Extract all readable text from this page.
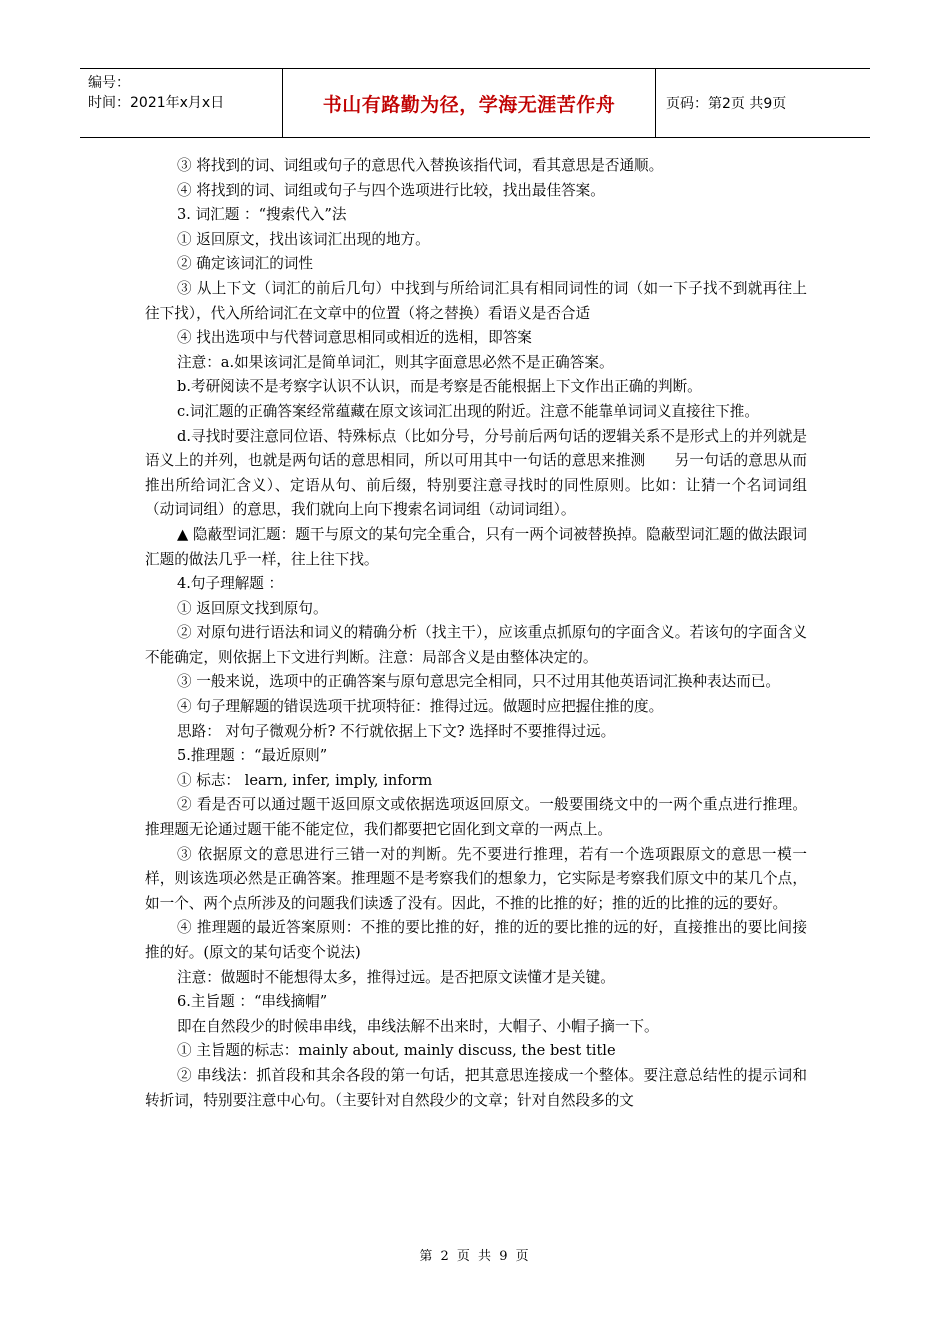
编号：
时间：2021年x月x日	书山有路勤为径，学海无涯苦作舟	页码：第2页 共9页

③ 将找到的词、词组或句子的意思代入替换该指代词，看其意思是否通顺。

④ 将找到的词、词组或句子与四个选项进行比较，找出最佳答案。

3. 词汇题 ：“搜索代入”法

① 返回原文，找出该词汇出现的地方。

② 确定该词汇的词性

③ 从上下文（词汇的前后几句）中找到与所给词汇具有相同词性的词（如一下子找不到就再往上往下找），代入所给词汇在文章中的位置（将之替换）看语义是否合适

④ 找出选项中与代替词意思相同或相近的选相，即答案

注意：a.如果该词汇是简单词汇，则其字面意思必然不是正确答案。

b.考研阅读不是考察字认识不认识，而是考察是否能根据上下文作出正确的判断。

c.词汇题的正确答案经常蕴藏在原文该词汇出现的附近。注意不能靠单词词义直接往下推。

d.寻找时要注意同位语、特殊标点（比如分号，分号前后两句话的逻辑关系不是形式上的并列就是语义上的并列，也就是两句话的意思相同，所以可用其中一句话的意思来推测　　另一句话的意思从而推出所给词汇含义）、定语从句、前后缀，特别要注意寻找时的同性原则。比如：让猜一个名词词组（动词词组）的意思，我们就向上向下搜索名词词组（动词词组）。

▲ 隐蔽型词汇题：题干与原文的某句完全重合，只有一两个词被替换掉。隐蔽型词汇题的做法跟词汇题的做法几乎一样，往上往下找。

4.句子理解题 ：

① 返回原文找到原句。

② 对原句进行语法和词义的精确分析（找主干），应该重点抓原句的字面含义。若该句的字面含义不能确定，则依据上下文进行判断。注意：局部含义是由整体决定的。

③ 一般来说，选项中的正确答案与原句意思完全相同，只不过用其他英语词汇换种表达而已。

④ 句子理解题的错误选项干扰项特征：推得过远。做题时应把握住推的度。

思路： 对句子微观分析? 不行就依据上下文? 选择时不要推得过远。

5.推理题 ：“最近原则”

① 标志： learn, infer, imply, inform

② 看是否可以通过题干返回原文或依据选项返回原文。一般要围绕文中的一两个重点进行推理。推理题无论通过题干能不能定位，我们都要把它固化到文章的一两点上。

③ 依据原文的意思进行三错一对的判断。先不要进行推理，若有一个选项跟原文的意思一模一样，则该选项必然是正确答案。推理题不是考察我们的想象力，它实际是考察我们原文中的某几个点，如一个、两个点所涉及的问题我们读透了没有。因此，不推的比推的好；推的近的比推的远的要好。

④ 推理题的最近答案原则：不推的要比推的好，推的近的要比推的远的好，直接推出的要比间接推的好。(原文的某句话变个说法)

注意：做题时不能想得太多，推得过远。是否把原文读懂才是关键。

6.主旨题 ：“串线摘帽”

即在自然段少的时候串串线，串线法解不出来时，大帽子、小帽子摘一下。

① 主旨题的标志：mainly about, mainly discuss, the best title

② 串线法：抓首段和其余各段的第一句话，把其意思连接成一个整体。要注意总结性的提示词和转折词，特别要注意中心句。（主要针对自然段少的文章；针对自然段多的文

第 2 页 共 9 页
